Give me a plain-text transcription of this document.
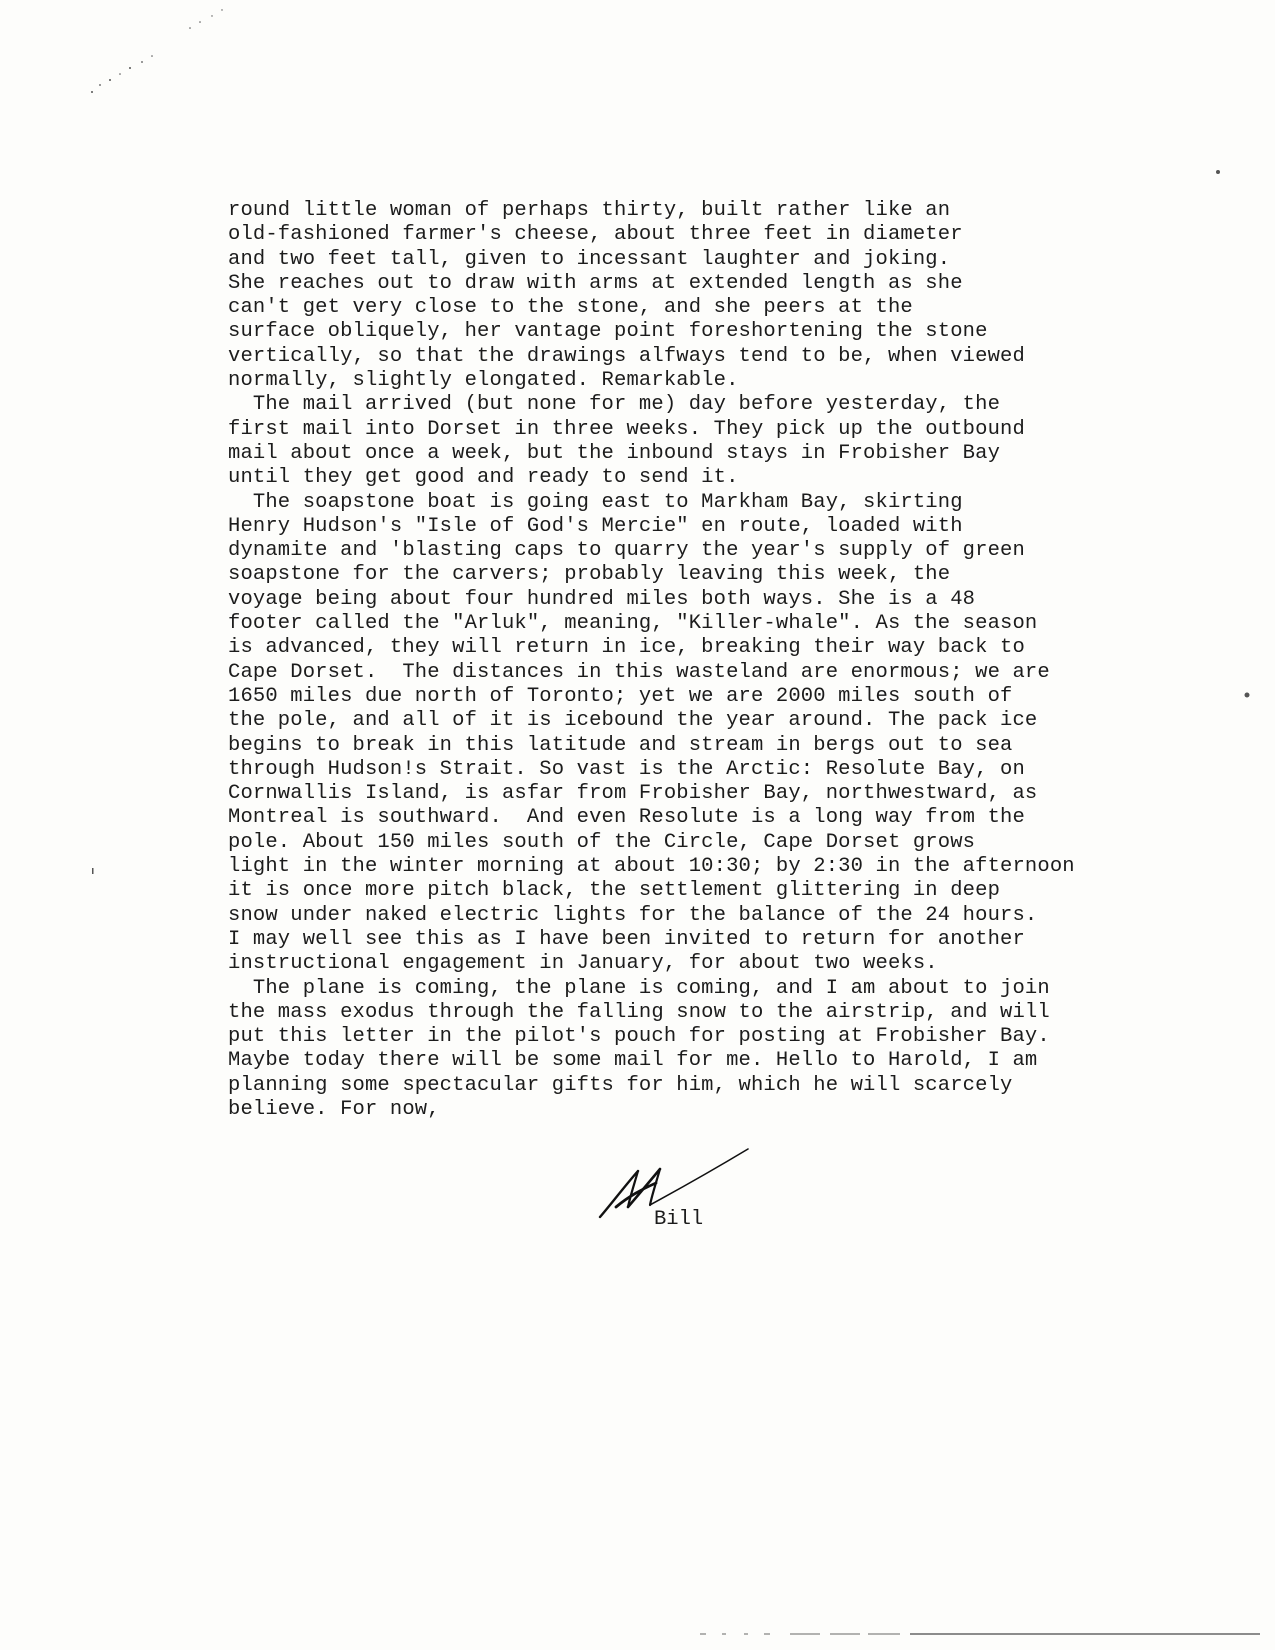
round little woman of perhaps thirty, built rather like an
old-fashioned farmer's cheese, about three feet in diameter
and two feet tall, given to incessant laughter and joking.
She reaches out to draw with arms at extended length as she
can't get very close to the stone, and she peers at the
surface obliquely, her vantage point foreshortening the stone
vertically, so that the drawings alfways tend to be, when viewed
normally, slightly elongated. Remarkable.
The mail arrived (but none for me) day before yesterday, the
first mail into Dorset in three weeks. They pick up the outbound
mail about once a week, but the inbound stays in Frobisher Bay
until they get good and ready to send it.
The soapstone boat is going east to Markham Bay, skirting
Henry Hudson's "Isle of God's Mercie" en route, loaded with
dynamite and 'blasting caps to quarry the year's supply of green
soapstone for the carvers; probably leaving this week, the
voyage being about four hundred miles both ways. She is a 48
footer called the "Arluk", meaning, "Killer-whale". As the season
is advanced, they will return in ice, breaking their way back to
Cape Dorset.  The distances in this wasteland are enormous; we are
1650 miles due north of Toronto; yet we are 2000 miles south of
the pole, and all of it is icebound the year around. The pack ice
begins to break in this latitude and stream in bergs out to sea
through Hudson!s Strait. So vast is the Arctic: Resolute Bay, on
Cornwallis Island, is asfar from Frobisher Bay, northwestward, as
Montreal is southward.  And even Resolute is a long way from the
pole. About 150 miles south of the Circle, Cape Dorset grows
light in the winter morning at about 10:30; by 2:30 in the afternoon
it is once more pitch black, the settlement glittering in deep
snow under naked electric lights for the balance of the 24 hours.
I may well see this as I have been invited to return for another
instructional engagement in January, for about two weeks.
The plane is coming, the plane is coming, and I am about to join
the mass exodus through the falling snow to the airstrip, and will
put this letter in the pilot's pouch for posting at Frobisher Bay.
Maybe today there will be some mail for me. Hello to Harold, I am
planning some spectacular gifts for him, which he will scarcely
believe. For now,
Bill
